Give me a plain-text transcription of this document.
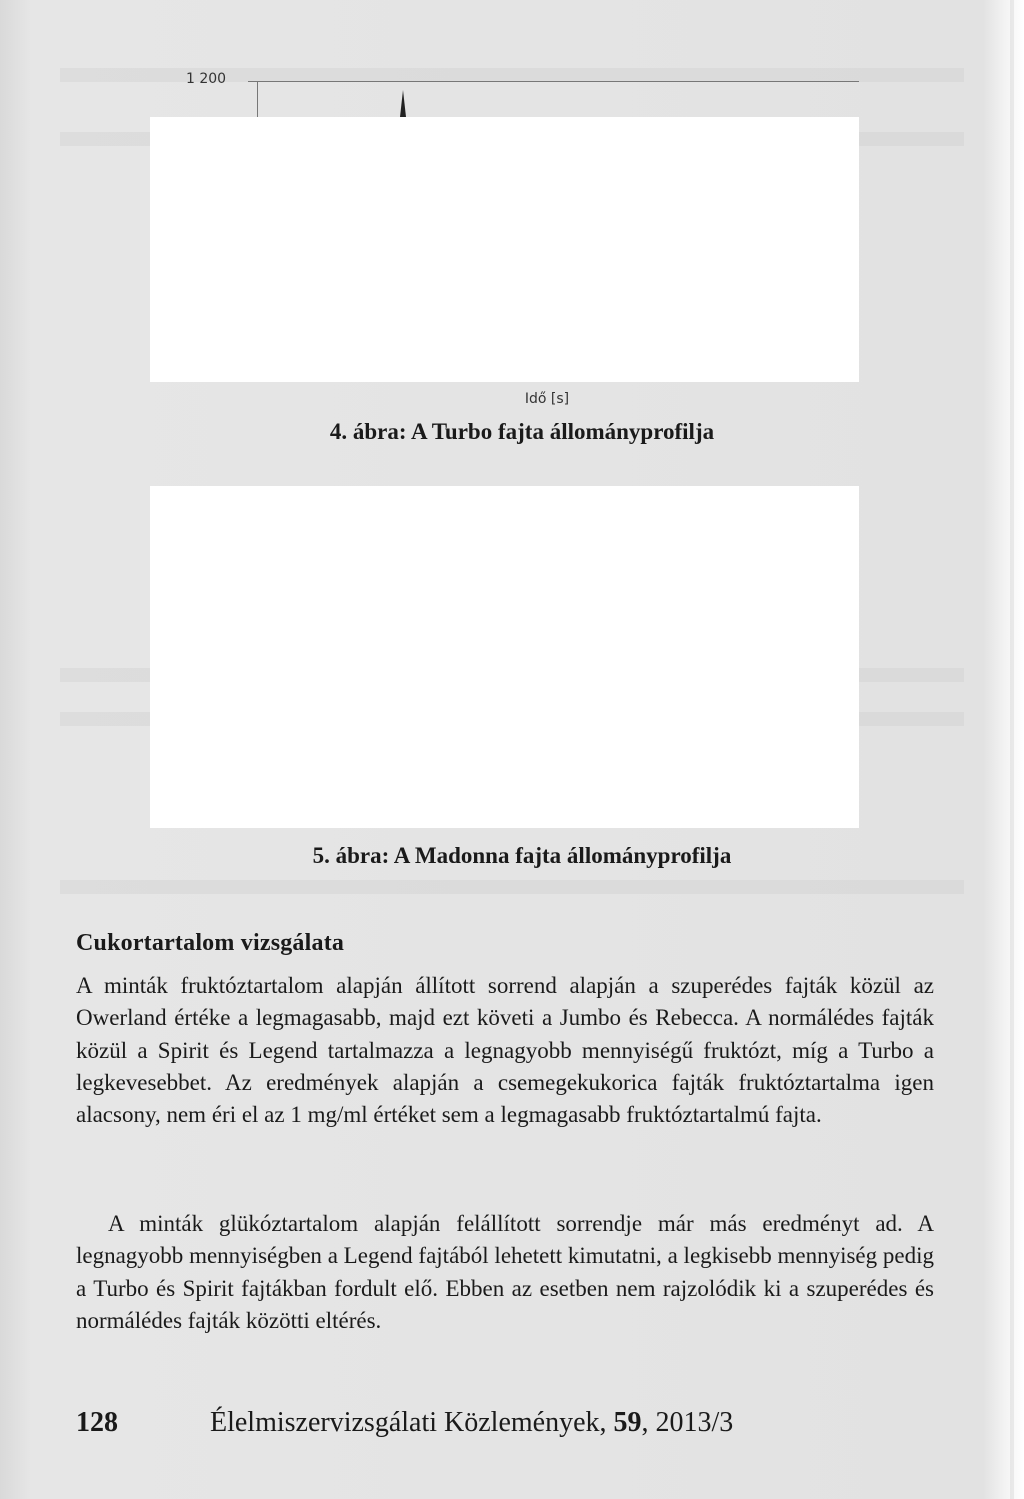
1 200
Idő [s]
4. ábra: A Turbo fajta állományprofilja
5. ábra: A Madonna fajta állományprofilja
Cukortartalom vizsgálata
A minták fruktóztartalom alapján állított sorrend alapján a szuperédes fajták közül az Owerland értéke a legmagasabb, majd ezt követi a Jumbo és Rebecca. A normálédes fajták közül a Spirit és Legend tartalmazza a legnagyobb mennyiségű fruktózt, míg a Turbo a legkevesebbet. Az eredmények alapján a csemegekukorica fajták fruktóztartalma igen alacsony, nem éri el az 1 mg/ml értéket sem a legmagasabb fruktóztartalmú fajta.
A minták glükóztartalom alapján felállított sorrendje már más eredményt ad. A legnagyobb mennyiségben a Legend fajtából lehetett kimutatni, a legkisebb mennyiség pedig a Turbo és Spirit fajtákban fordult elő. Ebben az esetben nem rajzolódik ki a szuperédes és normálédes fajták közötti eltérés.
128	Élelmiszervizsgálati Közlemények, 59, 2013/3
